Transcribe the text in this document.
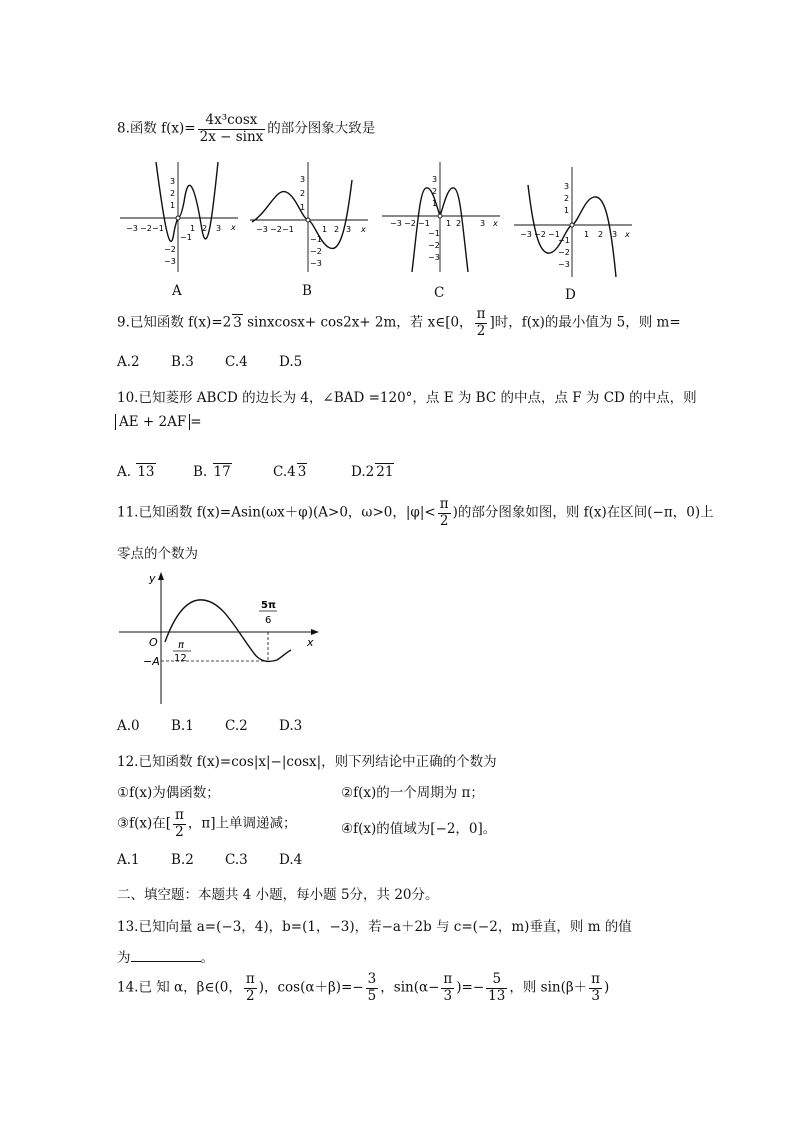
8.函数 $f(x)= \frac{\text{4x³cosx}}{2x - \sin x}$ 的部分图象大致是
−3 −2 −1	1 2 3
3
2
1
−1
−2
−3
x
A
−3 −2 −1	1 2 3
3
2
1
−1
−2
−3
x
B
−3 −2 −1 1 2 3
3
2
1
−1
−2
−3
x
C
−3 −2 −1	1 2 3
3
2
1
−1
−2
−3
x
D
9.已知函数 f(x)=2 3 sinxcosx+ cos2x+ 2m，若 x∈[0， $\frac{\pi}{2}$ ]时，f(x)的最小值为 5，则 m=
A.2 B.3 C.4 D.5
10.已知菱形 ABCD 的边长为 4，∠BAD =120°，点 E 为 BC 的中点，点 F 为 CD 的中点，则
AE + 2AF =
A. 13	B. 17	C.4 3	D.2 21
11.已知函数 f(x)=Asin(ωx＋φ)(A>0，ω>0，$|\varphi|< \frac{\pi}{2}$ )的部分图象如图，则 f(x)在区间(−π，0)上
零点的个数为
y
x
O
−A
π
12
5π
6
A.0 B.1 C.2 D.3
12.已知函数 f(x)=cos|x|−|cosx|，则下列结论中正确的个数为
①f(x)为偶函数；	②f(x)的一个周期为 π；
③f(x)在[ $\frac{\pi}{2}$ ，π]上单调递减；	④f(x)的值域为[−2，0]。
A.1 B.2 C.3 D.4
二、填空题：本题共 4 小题，每小题 5分，共 20分。
13.已知向量 a=(−3，4)，b=(1，−3)，若−a＋2b 与 c=(−2，m)垂直，则 m 的值
为	。
14.已 知 α，β∈(0， $\frac{\pi}{2}$ )，$\cos(\alpha+\beta)=- \frac{3}{5}$ ，$\sin(\alpha- \frac{\pi}{3}$ )=− $\frac{5}{13}$ ，则 $\sin(\beta+ \frac{\pi}{3}$ )
